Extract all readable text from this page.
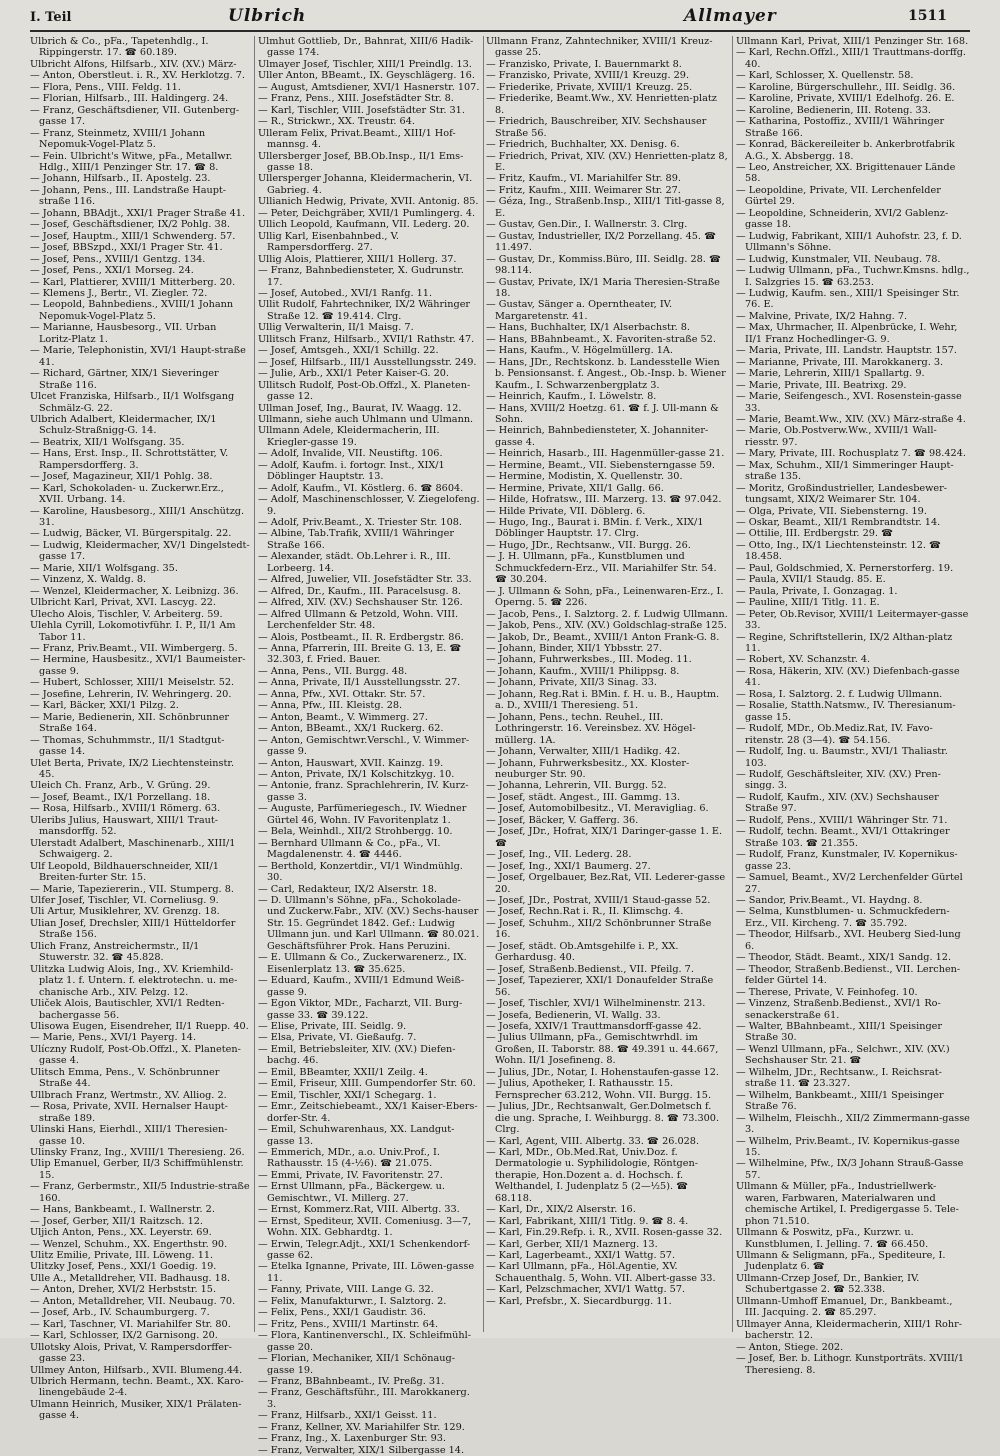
I. Teil	Ulbrich	Allmayer	1511
Ulbrich & Co., pFa., Tapetenhdlg., I. Rippingerstr. 17. ☎ 60.189.
Ulbricht Alfons, Hilfsarb., XIV. (XV.) März-
— Anton, Oberstleut. i. R., XV. Herklotzg. 7.
— Flora, Pens., VIII. Feldg. 11.
— Florian, Hilfsarb., III. Haldingerg. 24.
— Franz, Geschäftsdiener, VII. Gutenberg-gasse 17.
— Franz, Steinmetz, XVIII/1 Johann Nepomuk-Vogel-Platz 5.
— Fein. Ulbricht's Witwe, pFa., Metallwr. Hdlg., XIII/1 Penzinger Str. 17. ☎ 8.
— Johann, Hilfsarb., II. Apostelg. 23.
— Johann, Pens., III. Landstraße Haupt-straße 116.
— Johann, BBAdjt., XXI/1 Prager Straße 41.
— Josef, Geschäftsdiener, IX/2 Pohlg. 38.
— Josef, Hauptm., XIII/1 Schwenderg. 57.
— Josef, BBSzpd., XXI/1 Prager Str. 41.
— Josef, Pens., XVIII/1 Gentzg. 134.
— Josef, Pens., XXI/1 Morseg. 24.
— Karl, Plattierer, XVIII/1 Mitterberg. 20.
— Klemens J., Bertr., VI. Ziegler. 72.
— Leopold, Bahnbediens., XVIII/1 Johann Nepomuk-Vogel-Platz 5.
— Marianne, Hausbesorg., VII. Urban Loritz-Platz 1.
— Marie, Telephonistin, XVI/1 Haupt-straße 41.
— Richard, Gärtner, XIX/1 Sieveringer Straße 116.
Ulcet Franziska, Hilfsarb., II/1 Wolfsgang Schmälz-G. 22.
Ulbrich Adalbert, Kleidermacher, IX/1 Schulz-Straßnigg-G. 14.
— Beatrix, XII/1 Wolfsgang. 35.
— Hans, Erst. Insp., II. Schrottstätter, V. Rampersdorfferg. 3.
— Josef, Magazineur, XII/1 Pohlg. 38.
— Karl, Schokoladen- u. Zuckerwr.Erz., XVII. Urbang. 14.
— Karoline, Hausbesorg., XIII/1 Anschützg. 31.
— Ludwig, Bäcker, VI. Bürgerspitalg. 22.
— Ludwig, Kleidermacher, XV/1 Dingelstedt-gasse 17.
— Marie, XII/1 Wolfsgang. 35.
— Vinzenz, X. Waldg. 8.
— Wenzel, Kleidermacher, X. Leibnizg. 36.
Ulbricht Karl, Privat, XVI. Lascyg. 22.
Ulecho Alois, Tischler, V. Arbeiterg. 59.
Ulehla Cyrill, Lokomotivführ. I. P., II/1 Am Tabor 11.
— Franz, Priv.Beamt., VII. Wimbergerg. 5.
— Hermine, Hausbesitz., XVI/1 Baumeister-gasse 9.
— Hubert, Schlosser, XIII/1 Meiselstr. 52.
— Josefine, Lehrerin, IV. Wehringerg. 20.
— Karl, Bäcker, XXI/1 Pilzg. 2.
— Marie, Bedienerin, XII. Schönbrunner Straße 164.
— Thomas, Schuhmmstr., II/1 Stadtgut-gasse 14.
Ulet Berta, Private, IX/2 Liechtensteinstr. 45.
Uleich Ch. Franz, Arb., V. Grüng. 29.
— Josef, Beamt., IX/1 Porzellang. 18.
— Rosa, Hilfsarb., XVIII/1 Römerg. 63.
Uleribs Julius, Hauswart, XIII/1 Traut-mansdorffg. 52.
Ulerstadt Adalbert, Maschinenarb., XIII/1 Schwaigerg. 2.
Ulf Leopold, Bildhauerschneider, XII/1 Breiten-furter Str. 15.
— Marie, Tapeziererin., VII. Stumperg. 8.
Ulfer Josef, Tischler, VI. Corneliusg. 9.
Uli Artur, Musiklehrer, XV. Grenzg. 18.
Ulian Josef, Drechsler, XIII/1 Hütteldorfer Straße 156.
Ulich Franz, Anstreichermstr., II/1 Stuwerstr. 32. ☎ 45.828.
Ulitzka Ludwig Alois, Ing., XV. Kriemhild-platz 1. f. Untern. f. elektrotechn. u. me-chanische Arb., XIV. Pelzg. 12.
Uliček Alois, Bautischler, XVI/1 Redten-bachergasse 56.
Ulisowa Eugen, Eisendreher, II/1 Ruepp. 40.
— Marie, Pens., XVI/1 Payerg. 14.
Ulíczny Rudolf, Post-Ob.Offzl., X. Planeten-gasse 4.
Ulitsch Emma, Pens., V. Schönbrunner Straße 44.
Ullbrach Franz, Wertmstr., XV. Alliog. 2.
— Rosa, Private, XVII. Hernalser Haupt-straße 189.
Ulinski Hans, Eierhdl., XIII/1 Theresien-gasse 10.
Ulinsky Franz, Ing., XVIII/1 Theresieng. 26.
Ulip Emanuel, Gerber, II/3 Schiffmühlenstr. 15.
— Franz, Gerbermstr., XII/5 Industrie-straße 160.
— Hans, Bankbeamt., I. Wallnerstr. 2.
— Josef, Gerber, XII/1 Raitzsch. 12.
Uljich Anton, Pens., XX. Leyerstr. 69.
— Wenzel, Schuhm., XX. Engerthstr. 90.
Ulitz Emilie, Private, III. Löweng. 11.
Ulitzky Josef, Pens., XXI/1 Goedig. 19.
Ulle A., Metalldreher, VII. Badhausg. 18.
— Anton, Dreher, XVI/2 Herbststr. 15.
— Anton, Metalldreher, VII. Neubaug. 70.
— Josef, Arb., IV. Schaumburgerg. 7.
— Karl, Taschner, VI. Mariahilfer Str. 80.
— Karl, Schlosser, IX/2 Garnisong. 20.
Ullotsky Alois, Privat, V. Rampersdorffer-gasse 23.
Ullmey Anton, Hilfsarb., XVII. Blumeng.44.
Ulbrich Hermann, techn. Beamt., XX. Karo-linengebäude 2-4.
Ulmann Heinrich, Musiker, XIX/1 Prälaten-gasse 4.
Ulmhut Gottlieb, Dr., Bahnrat, XIII/6 Hadik-gasse 174.
Ulmayer Josef, Tischler, XIII/1 Preindlg. 13.
Uller Anton, BBeamt., IX. Geyschlägerg. 16.
— August, Amtsdiener, XVI/1 Hasnerstr. 107.
— Franz, Pens., XIII. Josefstädter Str. 8.
— Karl, Tischler, VIII. Josefstädter Str. 31.
— R., Strickwr., XX. Treustr. 64.
Ulleram Felix, Privat.Beamt., XIII/1 Hof-mannsg. 4.
Ullersberger Josef, BB.Ob.Insp., II/1 Ems-gasse 18.
Ullersperger Johanna, Kleidermacherin, VI. Gabrieg. 4.
Ullianich Hedwig, Private, XVII. Antonig. 85.
— Peter, Deichgräber, XVII/1 Pumlingerg. 4.
Ullich Leopold, Kaufmann, VII. Lederg. 20.
Ullig Karl, Eisenbahnbed., V. Rampersdorfferg. 27.
Ullig Alois, Plattierer, XIII/1 Hollerg. 37.
— Franz, Bahnbediensteter, X. Gudrunstr. 17.
— Josef, Autobed., XVI/1 Ranfg. 11.
Ullit Rudolf, Fahrtechniker, IX/2 Währinger Straße 12. ☎ 19.414. Clrg.
Ullig Verwalterin, II/1 Maisg. 7.
Ullitsch Franz, Hilfsarb., XVII/1 Rathstr. 47.
— Josef, Amtsgeh., XXI/1 Schillg. 22.
— Josef, Hilfsarb., III/1 Ausstellungsstr. 249.
— Julie, Arb., XXI/1 Peter Kaiser-G. 20.
Ullitsch Rudolf, Post-Ob.Offzl., X. Planeten-gasse 12.
Ullman Josef, Ing., Baurat, IV. Waagg. 12.
Ullmann, siehe auch Uhlmann und Ulmann.
Ullmann Adele, Kleidermacherin, III. Kriegler-gasse 19.
— Adolf, Invalide, VII. Neustiftg. 106.
— Adolf, Kaufm. i. fortogr. Inst., XIX/1 Döblinger Hauptstr. 13.
— Adolf, Kaufm., VI. Köstlerg. 6. ☎ 8604.
— Adolf, Maschinenschlosser, V. Ziegelofeng. 9.
— Adolf, Priv.Beamt., X. Triester Str. 108.
— Albine, Tab.Trafik, XVIII/1 Währinger Straße 166.
— Alexander, städt. Ob.Lehrer i. R., III. Lorbeerg. 14.
— Alfred, Juwelier, VII. Josefstädter Str. 33.
— Alfred, Dr., Kaufm., III. Paracelsusg. 8.
— Alfred, XIV. (XV.) Sechshauser Str. 126.
— Alfred Ullmann & Petzold, Wohn. VIII. Lerchenfelder Str. 48.
— Alois, Postbeamt., II. R. Erdbergstr. 86.
— Anna, Pfarrerin, III. Breite G. 13, E. ☎ 32.303, f. Fried. Bauer.
— Anna, Pens., VII. Burgg. 48.
— Anna, Private, II/1 Ausstellungsstr. 27.
— Anna, Pfw., XVI. Ottakr. Str. 57.
— Anna, Pfw., III. Kleistg. 28.
— Anton, Beamt., V. Wimmerg. 27.
— Anton, BBeamt., XX/1 Ruckerg. 62.
— Anton, Gemischtwr.Verschl., V. Wimmer-gasse 9.
— Anton, Hauswart, XVII. Kainzg. 19.
— Anton, Private, IX/1 Kolschitzkyg. 10.
— Antonie, franz. Sprachlehrerin, IV. Kurz-gasse 3.
— Auguste, Parfümeriegesch., IV. Wiedner Gürtel 46, Wohn. IV Favoritenplatz 1.
— Bela, Weinhdl., XII/2 Strohbergg. 10.
— Bernhard Ullmann & Co., pFa., VI. Magdalenenstr. 4. ☎ 4446.
— Berthold, Konzertdir., VI/1 Windmühlg. 30.
— Carl, Redakteur, IX/2 Alserstr. 18.
— D. Ullmann's Söhne, pFa., Schokolade- und Zuckerw.Fabr., XIV. (XV.) Sechs-hauser Str. 15. Gegründet 1842. Gef.: Ludwig Ullmann jun. und Karl Ullmann. ☎ 80.021. Geschäftsführer Prok. Hans Peruzini.
— E. Ullmann & Co., Zuckerwarenerz., IX. Eisenlerplatz 13. ☎ 35.625.
— Eduard, Kaufm., XVIII/1 Edmund Weiß-gasse 9.
— Egon Viktor, MDr., Facharzt, VII. Burg-gasse 33. ☎ 39.122.
— Elise, Private, III. Seidlg. 9.
— Elsa, Private, VI. Gießaufg. 7.
— Emil, Betriebsleiter, XIV. (XV.) Diefen-bachg. 46.
— Emil, BBeamter, XXII/1 Zeilg. 4.
— Emil, Friseur, XIII. Gumpendorfer Str. 60.
— Emil, Tischler, XXI/1 Schegarg. 1.
— Emr., Zeitschiebeamt., XX/1 Kaiser-Ebers-dorfer-Str. 4.
— Emil, Schuhwarenhaus, XX. Landgut-gasse 13.
— Emmerich, MDr., a.o. Univ.Prof., I. Rathausstr. 15 (4-½6). ☎ 21.075.
— Emmi, Private, IV. Favoritenstr. 27.
— Ernst Ullmann, pFa., Bäckergew. u. Gemischtwr., VI. Millerg. 27.
— Ernst, Kommerz.Rat, VIII. Albertg. 33.
— Ernst, Spediteur, XVII. Comeniusg. 3—7, Wohn. XIX. Gebhardtg. 1.
— Erwin, Telegr.Adjt., XXI/1 Schenkendorf-gasse 62.
— Etelka Ignanne, Private, III. Löwen-gasse 11.
— Fanny, Private, VIII. Lange G. 32.
— Felix, Manufakturwr., I. Salztorg. 2.
— Felix, Pens., XXI/1 Gaudistr. 36.
— Fritz, Pens., XVIII/1 Martinstr. 64.
— Flora, Kantinenverschl., IX. Schleifmühl-gasse 20.
— Florian, Mechaniker, XII/1 Schönaug-gasse 19.
— Franz, BBahnbeamt., IV. Preßg. 31.
— Franz, Geschäftsführ., III. Marokkanerg. 3.
— Franz, Hilfsarb., XXI/1 Geisst. 11.
— Franz, Kellner, XV. Mariahilfer Str. 129.
— Franz, Ing., X. Laxenburger Str. 93.
— Franz, Verwalter, XIX/1 Silbergasse 14.
Ullmann Franz, Zahntechniker, XVIII/1 Kreuz-gasse 25.
— Franzisko, Private, I. Bauernmarkt 8.
— Franzisko, Private, XVIII/1 Kreuzg. 29.
— Friederike, Private, XVIII/1 Kreuzg. 25.
— Friederike, Beamt.Ww., XV. Henrietten-platz 8.
— Friedrich, Bauschreiber, XIV. Sechshauser Straße 56.
— Friedrich, Buchhalter, XX. Denisg. 6.
— Friedrich, Privat, XIV. (XV.) Henrietten-platz 8, E.
— Fritz, Kaufm., VI. Mariahilfer Str. 89.
— Fritz, Kaufm., XIII. Weimarer Str. 27.
— Géza, Ing., Straßenb.Insp., XIII/1 Titl-gasse 8, E.
— Gustav, Gen.Dir., I. Wallnerstr. 3. Clrg.
— Gustav, Industrieller, IX/2 Porzellang. 45. ☎ 11.497.
— Gustav, Dr., Kommiss.Büro, III. Seidlg. 28. ☎ 98.114.
— Gustav, Private, IX/1 Maria Theresien-Straße 18.
— Gustav, Sänger a. Operntheater, IV. Margaretenstr. 41.
— Hans, Buchhalter, IX/1 Alserbachstr. 8.
— Hans, BBahnbeamt., X. Favoriten-straße 52.
— Hans, Kaufm., V. Högelmüllerg. 1A.
— Hans, JDr., Rechtskonz. b. Landesstelle Wien b. Pensionsanst. f. Angest., Ob.-Insp. b. Wiener Kaufm., I. Schwarzenbergplatz 3.
— Heinrich, Kaufm., I. Löwelstr. 8.
— Hans, XVIII/2 Hoetzg. 61. ☎ f. J. Ull-mann & Sohn.
— Heinrich, Bahnbediensteter, X. Johanniter-gasse 4.
— Heinrich, Hasarb., III. Hagenmüller-gasse 21.
— Hermine, Beamt., VII. Siebensterngasse 59.
— Hermine, Modistin, X. Quellenstr. 30.
— Hermine, Private, XII/1 Gallg. 66.
— Hilde, Hofratsw., III. Marzerg. 13. ☎ 97.042.
— Hilde Private, VII. Döblerg. 6.
— Hugo, Ing., Baurat i. BMin. f. Verk., XIX/1 Döblinger Hauptstr. 17. Clrg.
— Hugo, JDr., Rechtsanw., VII. Burgg. 26.
— J. H. Ullmann, pFa., Kunstblumen und Schmuckfedern-Erz., VII. Mariahilfer Str. 54. ☎ 30.204.
— J. Ullmann & Sohn, pFa., Leinenwaren-Erz., I. Operng. 5. ☎ 226.
— Jacob, Pens., I. Salztorg. 2. f. Ludwig Ullmann.
— Jakob, Pens., XIV. (XV.) Goldschlag-straße 125.
— Jakob, Dr., Beamt., XVIII/1 Anton Frank-G. 8.
— Johann, Binder, XII/1 Ybbsstr. 27.
— Johann, Fuhrwerksbes., III. Modeg. 11.
— Johann, Kaufm., XVIII/1 Philippsg. 8.
— Johann, Private, XII/3 Sinag. 33.
— Johann, Reg.Rat i. BMin. f. H. u. B., Hauptm. a. D., XVIII/1 Theresieng. 51.
— Johann, Pens., techn. Reuhel., III. Lothringerstr. 16. Vereinsbez. XV. Högel-müllerg. 1A.
— Johann, Verwalter, XIII/1 Hadikg. 42.
— Johann, Fuhrwerksbesitz., XX. Kloster-neuburger Str. 90.
— Johanna, Lehrerin, VII. Burgg. 52.
— Josef, städt. Angest., III. Gammg. 13.
— Josef, Automobilbesitz., VI. Meravigliag. 6.
— Josef, Bäcker, V. Gafferg. 36.
— Josef, JDr., Hofrat, XIX/1 Daringer-gasse 1. E. ☎
— Josef, Ing., VII. Lederg. 28.
— Josef, Ing., XXI/1 Baumerg. 27.
— Josef, Orgelbauer, Bez.Rat, VII. Lederer-gasse 20.
— Josef, JDr., Postrat, XVIII/1 Staud-gasse 52.
— Josef, Rechn.Rat i. R., II. Klimschg. 4.
— Josef, Schuhm., XII/2 Schönbrunner Straße 16.
— Josef, städt. Ob.Amtsgehilfe i. P., XX. Gerhardusg. 40.
— Josef, Straßenb.Bedienst., VII. Pfeilg. 7.
— Josef, Tapezierer, XXI/1 Donaufelder Straße 56.
— Josef, Tischler, XVI/1 Wilhelminenstr. 213.
— Josefa, Bedienerin, VI. Wallg. 33.
— Josefa, XXIV/1 Trauttmansdorff-gasse 42.
— Julius Ullmann, pFa., Gemischtwrhdl. im Großen, II. Taborstr. 88. ☎ 49.391 u. 44.667, Wohn. II/1 Josefineng. 8.
— Julius, JDr., Notar, I. Hohenstaufen-gasse 12.
— Julius, Apotheker, I. Rathausstr. 15. Fernsprecher 63.212, Wohn. VII. Burgg. 15.
— Julius, JDr., Rechtsanwalt, Ger.Dolmetsch f. die ung. Sprache, I. Weihburgg. 8. ☎ 73.300. Clrg.
— Karl, Agent, VIII. Albertg. 33. ☎ 26.028.
— Karl, MDr., Ob.Med.Rat, Univ.Doz. f. Dermatologie u. Syphilidologie, Röntgen-therapie, Hon.Dozent a. d. Hochsch. f. Welthandel, I. Judenplatz 5 (2—½5). ☎ 68.118.
— Karl, Dr., XIX/2 Alserstr. 16.
— Karl, Fabrikant, XIII/1 Titlg. 9. ☎ 8. 4.
— Karl, Fin.29.Refp. i. R., XVII. Rosen-gasse 32.
— Karl, Gerber, XII/1 Maznerg. 13.
— Karl, Lagerbeamt., XXI/1 Wattg. 57.
— Karl Ullmann, pFa., Höl.Agentie, XV. Schauenthalg. 5, Wohn. VII. Albert-gasse 33.
— Karl, Pelzschmacher, XVI/1 Wattg. 57.
— Karl, Prefsbr., X. Siecardburgg. 11.
Ullmann Karl, Privat, XIII/1 Penzinger Str. 168.
— Karl, Rechn.Offzl., XIII/1 Trauttmans-dorffg. 40.
— Karl, Schlosser, X. Quellenstr. 58.
— Karoline, Bürgerschullehr., III. Seidlg. 36.
— Karoline, Private, XVIII/1 Edelhofg. 26. E.
— Karoline, Bedienerin, III. Roteng. 33.
— Katharina, Postoffiz., XVIII/1 Währinger Straße 166.
— Konrad, Bäckereileiter b. Ankerbrotfabrik A.G., X. Absbergg. 18.
— Leo, Anstreicher, XX. Brigittenauer Lände 58.
— Leopoldine, Private, VII. Lerchenfelder Gürtel 29.
— Leopoldine, Schneiderin, XVI/2 Gablenz-gasse 18.
— Ludwig, Fabrikant, XIII/1 Auhofstr. 23, f. D. Ullmann's Söhne.
— Ludwig, Kunstmaler, VII. Neubaug. 78.
— Ludwig Ullmann, pFa., Tuchwr.Kmsns. hdlg., I. Salzgries 15. ☎ 63.253.
— Ludwig, Kaufm. sen., XIII/1 Speisinger Str. 76. E.
— Malvine, Private, IX/2 Hahng. 7.
— Max, Uhrmacher, II. Alpenbrücke, I. Wehr, II/1 Franz Hochedlinger-G. 9.
— Maria, Private, III. Landstr. Hauptstr. 157.
— Marianne, Private, III. Marokkanerg. 3.
— Marie, Lehrerin, XIII/1 Spallartg. 9.
— Marie, Private, III. Beatrixg. 29.
— Marie, Seifengesch., XVI. Rosenstein-gasse 33.
— Marie, Beamt.Ww., XIV. (XV.) März-straße 4.
— Marie, Ob.Postverw.Ww., XVIII/1 Wall-riesstr. 97.
— Mary, Private, III. Rochusplatz 7. ☎ 98.424.
— Max, Schuhm., XII/1 Simmeringer Haupt-straße 135.
— Moritz, Großindustrieller, Landesbewer-tungsamt, XIX/2 Weimarer Str. 104.
— Olga, Private, VII. Siebensterng. 19.
— Oskar, Beamt., XII/1 Rembrandtstr. 14.
— Ottilie, III. Erdbergstr. 29. ☎
— Otto, Ing., IX/1 Liechtensteinstr. 12. ☎ 18.458.
— Paul, Goldschmied, X. Pernerstorferg. 19.
— Paula, XVII/1 Staudg. 85. E.
— Paula, Private, I. Gonzagag. 1.
— Pauline, XIII/1 Titlg. 11. E.
— Peter, Ob.Revisor, XVIII/1 Leitermayer-gasse 33.
— Regine, Schriftstellerin, IX/2 Althan-platz 11.
— Robert, XV. Schanzstr. 4.
— Rosa, Häkerin, XIV. (XV.) Diefenbach-gasse 41.
— Rosa, I. Salztorg. 2. f. Ludwig Ullmann.
— Rosalie, Statth.Natsmw., IV. Theresianum-gasse 15.
— Rudolf, MDr., Ob.Mediz.Rat, IV. Favo-ritenstr. 28 (3—4). ☎ 54.156.
— Rudolf, Ing. u. Baumstr., XVI/1 Thaliastr. 103.
— Rudolf, Geschäftsleiter, XIV. (XV.) Pren-singg. 3.
— Rudolf, Kaufm., XIV. (XV.) Sechshauser Straße 97.
— Rudolf, Pens., XVIII/1 Währinger Str. 71.
— Rudolf, techn. Beamt., XVI/1 Ottakringer Straße 103. ☎ 21.355.
— Rudolf, Franz, Kunstmaler, IV. Kopernikus-gasse 23.
— Samuel, Beamt., XV/2 Lerchenfelder Gürtel 27.
— Sandor, Priv.Beamt., VI. Haydng. 8.
— Selma, Kunstblumen- u. Schmuckfedern-Erz., VII. Kircheng. 7. ☎ 35.792.
— Theodor, Hilfsarb., XVI. Heuberg Sied-lung 6.
— Theodor, Städt. Beamt., XIX/1 Sandg. 12.
— Theodor, Straßenb.Bedienst., VII. Lerchen-felder Gürtel 14.
— Therese, Private, V. Feinhofeg. 10.
— Vinzenz, Straßenb.Bedienst., XVI/1 Ro-senackerstraße 61.
— Walter, BBahnbeamt., XIII/1 Speisinger Straße 30.
— Wenzl Ullmann, pFa., Selchwr., XIV. (XV.) Sechshauser Str. 21. ☎
— Wilhelm, JDr., Rechtsanw., I. Reichsrat-straße 11. ☎ 23.327.
— Wilhelm, Bankbeamt., XIII/1 Speisinger Straße 76.
— Wilhelm, Fleischh., XII/2 Zimmermann-gasse 3.
— Wilhelm, Priv.Beamt., IV. Kopernikus-gasse 15.
— Wilhelmine, Pfw., IX/3 Johann Strauß-Gasse 57.
Ullmann & Müller, pFa., Industriellwerk-waren, Farbwaren, Materialwaren und chemische Artikel, I. Predigergasse 5. Tele-phon 71.510.
Ullmann & Poswitz, pFa., Kurzwr. u. Kunstblumen, I. Jelling. 7. ☎ 66.450.
Ullmann & Seligmann, pFa., Spediteure, I. Judenplatz 6. ☎
Ullmann-Crzep Josef, Dr., Bankier, IV. Schubertgasse 2. ☎ 52.338.
Ullmann-Umhoff Emanuel, Dr., Bankbeamt., III. Jacquing. 2. ☎ 85.297.
Ullmayer Anna, Kleidermacherin, XIII/1 Rohr-bacherstr. 12.
— Anton, Stiege. 202.
— Josef, Ber. b. Lithogr. Kunstporträts. XVIII/1 Theresieng. 8.
